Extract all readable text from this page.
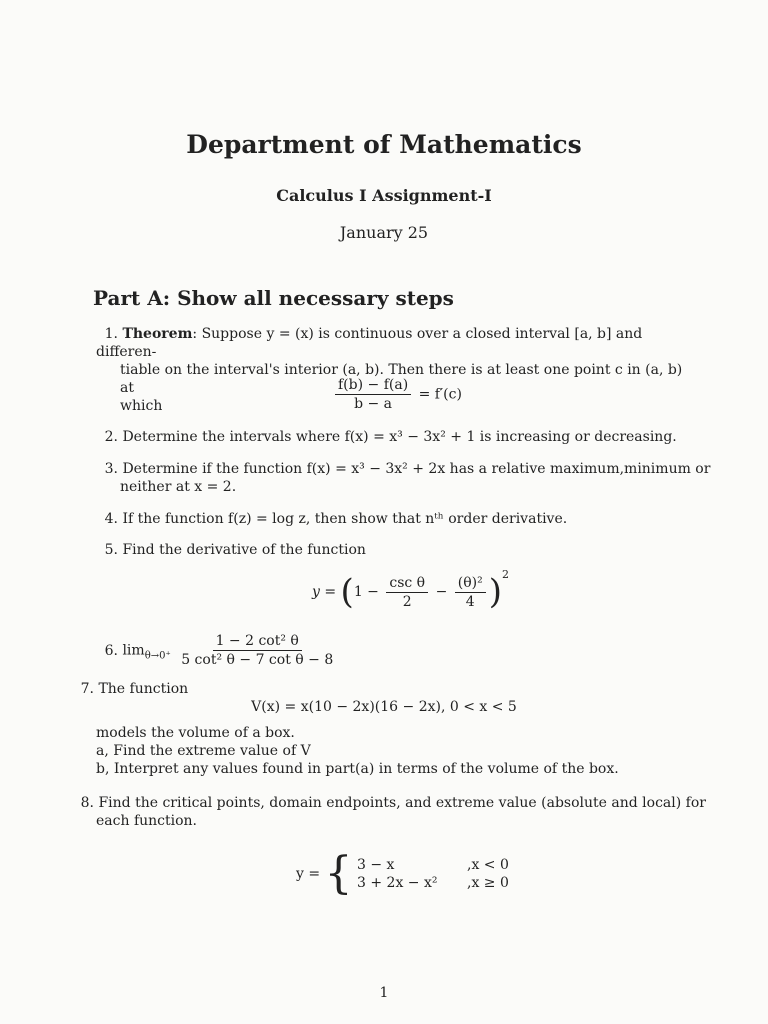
Department of Mathematics
Calculus I Assignment-I
January 25
Part A: Show all necessary steps
1. Theorem: Suppose y = (x) is continuous over a closed interval [a, b] and differen-
tiable on the interval's interior (a, b). Then there is at least one point c in (a, b) at
which	$\frac{f(b) - f(a)}{b - a} = f'(c)$
2. Determine the intervals where f(x) = x³ − 3x² + 1 is increasing or decreasing.
3. Determine if the function f(x) = x³ − 3x² + 2x has a relative maximum,minimum or
neither at x = 2.
4. If the function f(z) = log z, then show that nᵗʰ order derivative.
5. Find the derivative of the function
$y = (1 - \frac{\text{csc θ}}{2} - \frac{\text{(θ)²}}{4} )^2$
6. $\lim_{\theta\to 0^+} \frac{\text{1 − 2 cot² θ}}{\text{5 cot² θ − 7 cot θ − 8}}$
7. The function
V(x) = x(10 − 2x)(16 − 2x), 0 < x < 5
models the volume of a box.
a, Find the extreme value of V
b, Interpret any values found in part(a) in terms of the volume of the box.
8. Find the critical points, domain endpoints, and extreme value (absolute and local) for
each function.
y = { 3 − x	,x < 0
3 + 2x − x² ,x ≥ 0
1
